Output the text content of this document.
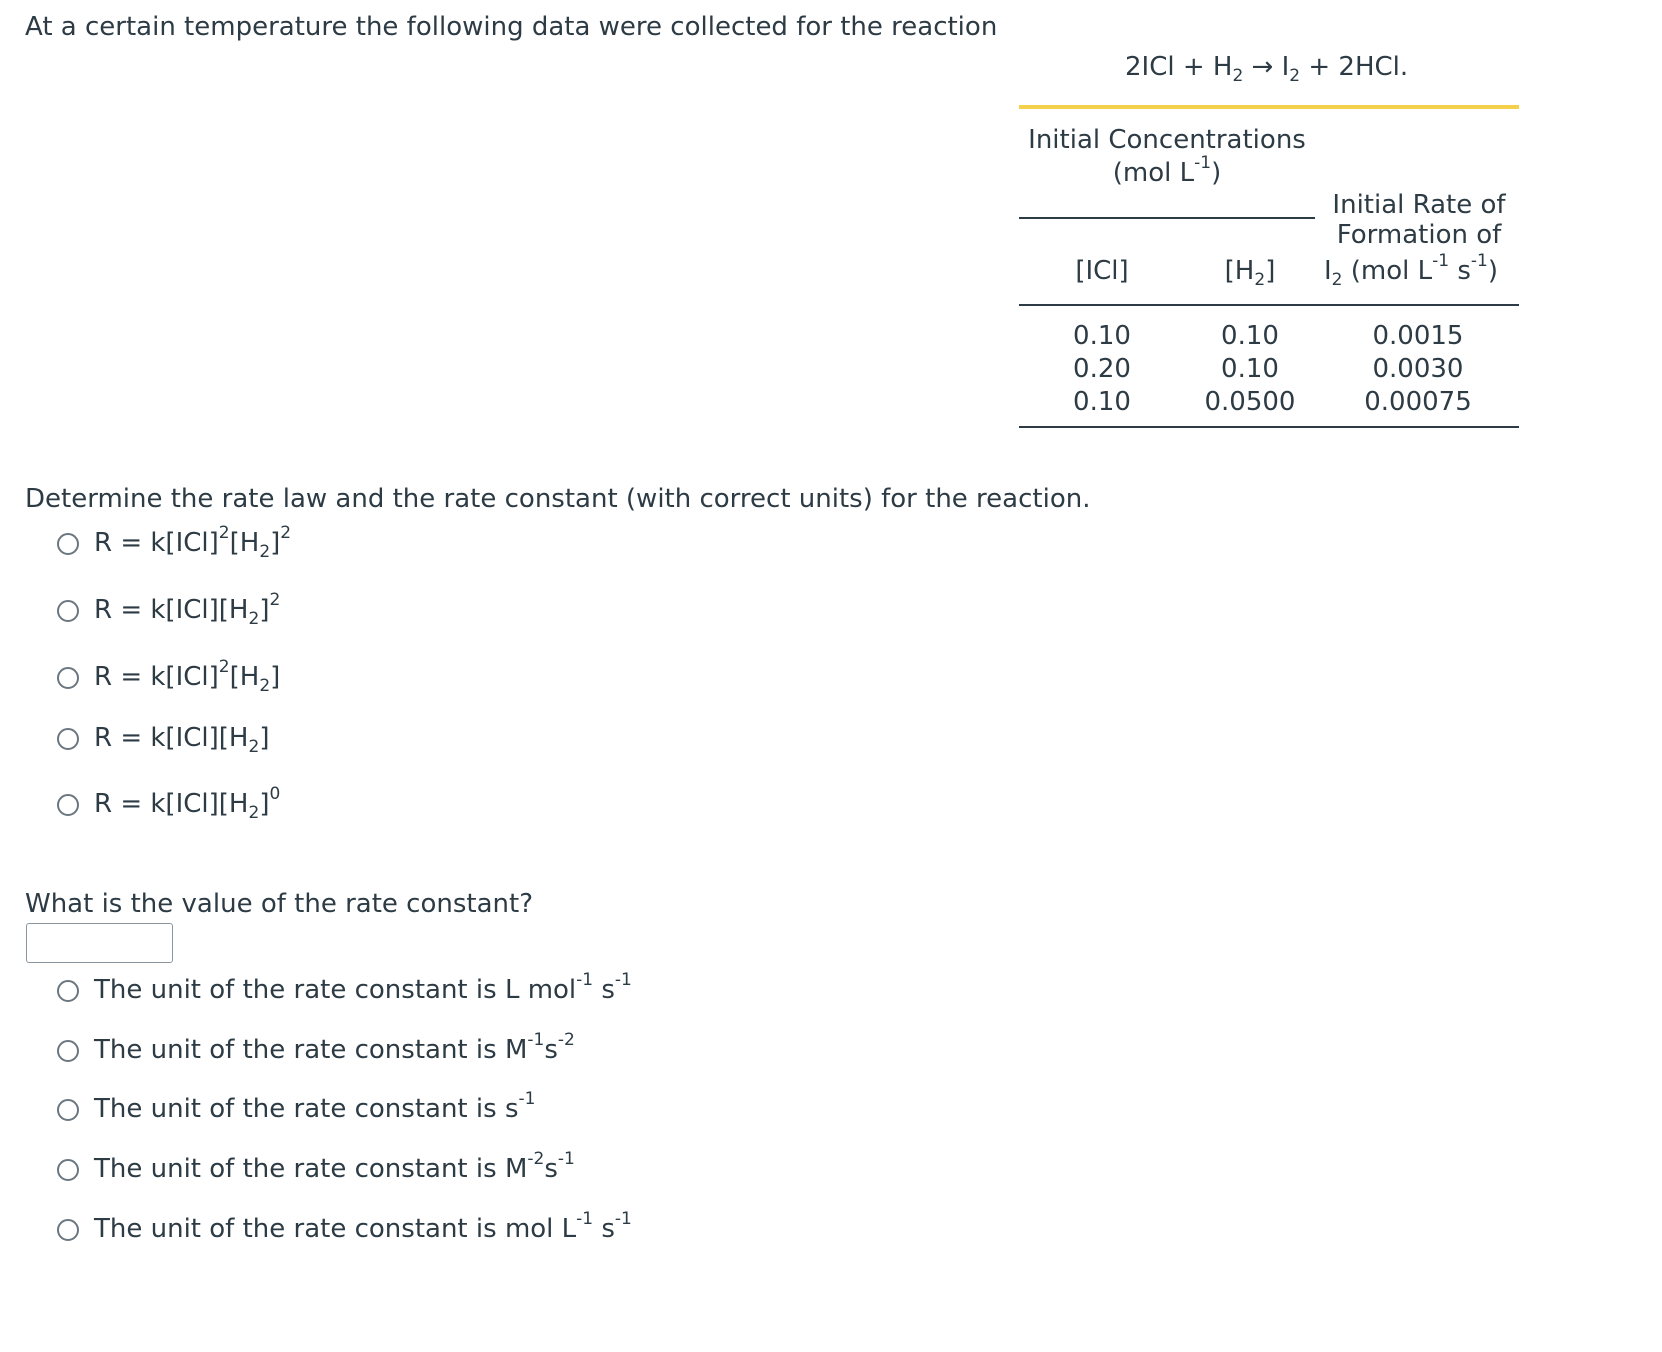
At a certain temperature the following data were collected for the reaction
$2ICl + H_2 \to I_2 + 2HCl$.
Initial Concentrations
(mol $L^{-1}$)
Initial Rate of
Formation of
$I_2$ (mol $L^{-1}$ $s^{-1}$)
[ICl]	$[H_2]$
0.10
0.20
0.10
0.10
0.10
0.0500
0.0015
0.0030
0.00075
Determine the rate law and the rate constant (with correct units) for the reaction.
$R = k[ICl]^2[H_2]^2$
$R = k[ICl][H_2]^2$
$R = k[ICl]^2[H_2]$
$R = k[ICl][H_2]$
$R = k[ICl][H_2]^0$
What is the value of the rate constant?
The unit of the rate constant is L mol$^{-1}$ $s^{-1}$
The unit of the rate constant is $M^{-1}s^{-2}$
The unit of the rate constant is $s^{-1}$
The unit of the rate constant is $M^{-2}s^{-1}$
The unit of the rate constant is mol $L^{-1}$ $s^{-1}$
